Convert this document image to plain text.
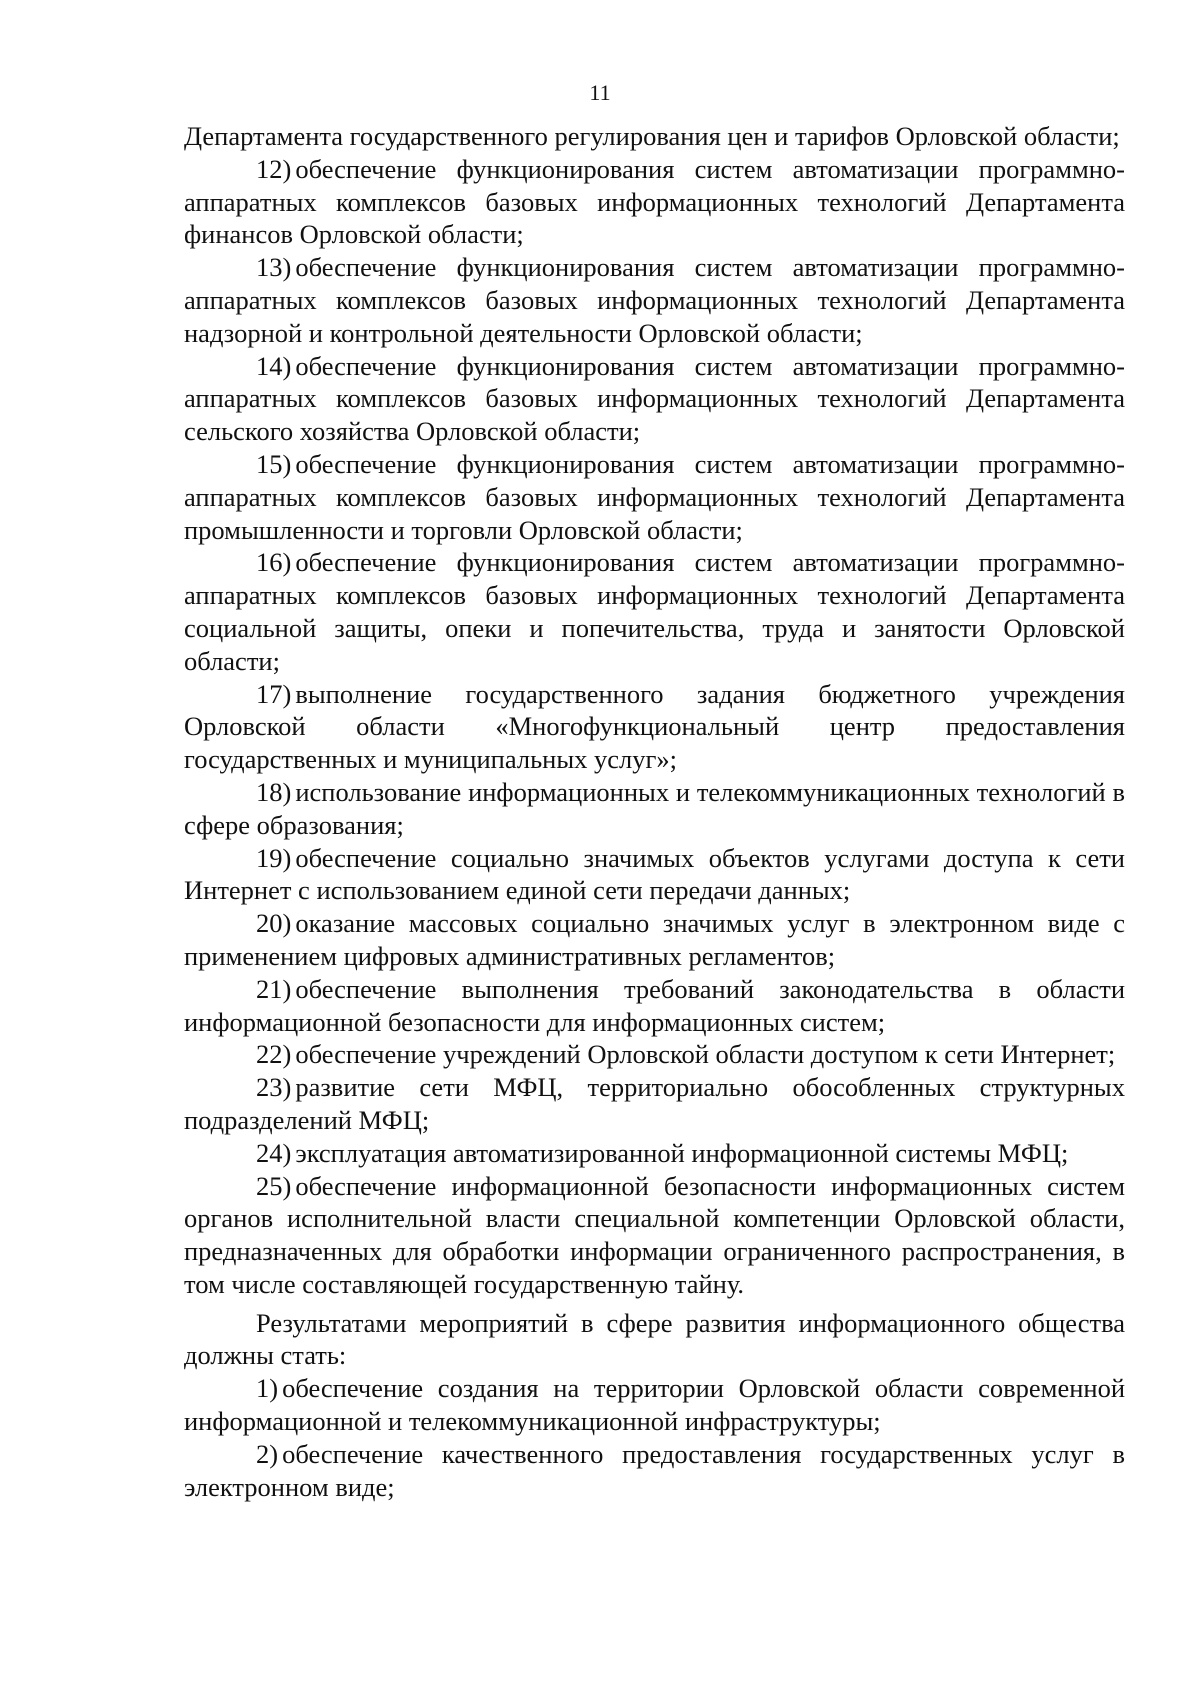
11

Департамента государственного регулирования цен и тарифов Орловской области;

12) обеспечение функционирования систем автоматизации программно-аппаратных комплексов базовых информационных технологий Департамента финансов Орловской области;

13) обеспечение функционирования систем автоматизации программно-аппаратных комплексов базовых информационных технологий Департамента надзорной и контрольной деятельности Орловской области;

14) обеспечение функционирования систем автоматизации программно-аппаратных комплексов базовых информационных технологий Департамента сельского хозяйства Орловской области;

15) обеспечение функционирования систем автоматизации программно-аппаратных комплексов базовых информационных технологий Департамента промышленности и торговли Орловской области;

16) обеспечение функционирования систем автоматизации программно-аппаратных комплексов базовых информационных технологий Департамента социальной защиты, опеки и попечительства, труда и занятости Орловской области;

17) выполнение государственного задания бюджетного учреждения Орловской области «Многофункциональный центр предоставления государственных и муниципальных услуг»;

18) использование информационных и телекоммуникационных технологий в сфере образования;

19) обеспечение социально значимых объектов услугами доступа к сети Интернет с использованием единой сети передачи данных;

20) оказание массовых социально значимых услуг в электронном виде с применением цифровых административных регламентов;

21) обеспечение выполнения требований законодательства в области информационной безопасности для информационных систем;

22) обеспечение учреждений Орловской области доступом к сети Интернет;

23) развитие сети МФЦ, территориально обособленных структурных подразделений МФЦ;

24) эксплуатация автоматизированной информационной системы МФЦ;

25) обеспечение информационной безопасности информационных систем органов исполнительной власти специальной компетенции Орловской области, предназначенных для обработки информации ограниченного распространения, в том числе составляющей государственную тайну.

Результатами мероприятий в сфере развития информационного общества должны стать:

1) обеспечение создания на территории Орловской области современной информационной и телекоммуникационной инфраструктуры;

2) обеспечение качественного предоставления государственных услуг в электронном виде;
